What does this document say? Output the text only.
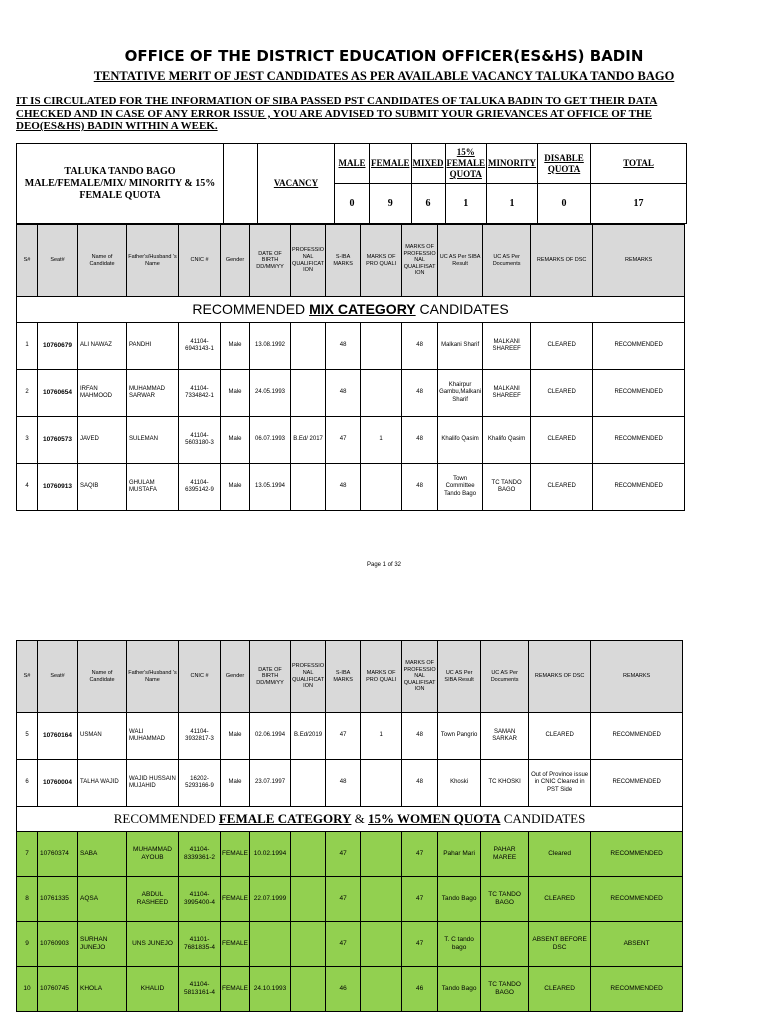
OFFICE OF THE DISTRICT EDUCATION OFFICER(ES&HS) BADIN
TENTATIVE MERIT OF JEST CANDIDATES AS PER AVAILABLE VACANCY TALUKA TANDO BAGO
IT IS CIRCULATED FOR THE INFORMATION OF SIBA PASSED PST CANDIDATES OF TALUKA BADIN TO GET THEIR DATA CHECKED AND IN CASE OF ANY ERROR ISSUE , YOU ARE ADVISED TO SUBMIT YOUR GRIEVANCES AT OFFICE OF THE DEO(ES&HS) BADIN WITHIN A WEEK.
TALUKA TANDO BAGO MALE/FEMALE/MIX/ MINORITY & 15% FEMALE QUOTA		VACANCY	MALE	FEMALE	MIXED	15% FEMALE QUOTA	MINORITY	DISABLE QUOTA	TOTAL
			0	9	6	1	1	0	17
S#	Seat#	Name of Candidate	Father's/Husband 's Name	CNIC #	Gender	DATE OF BIRTH DD/MM/YY	PROFESSIO NAL QUALIFICAT ION	S-IBA MARKS	MARKS OF PRO QUALI	MARKS OF PROFESSIO NAL QUALIFISAT ION	UC AS Per SIBA Result	UC AS Per Documents	REMARKS OF DSC	REMARKS
RECOMMENDED MIX CATEGORY CANDIDATES														
1	10760679	ALI NAWAZ	PANDHI	41104-6943143-1	Male	13.08.1992		48		48	Malkani Sharif	MALKANI SHAREEF	CLEARED	RECOMMENDED
2	10760654	IRFAN MAHMOOD	MUHAMMAD SARWAR	41104-7334842-1	Male	24.05.1993		48		48	Khairpur Gambu,Malkani Sharif	MALKANI SHAREEF	CLEARED	RECOMMENDED
3	10760573	JAVED	SULEMAN	41104-5603180-3	Male	06.07.1993	B.Ed/ 2017	47	1	48	Khalifo Qasim	Khalifo Qasim	CLEARED	RECOMMENDED
4	10760913	SAQIB	GHULAM MUSTAFA	41104-6395142-9	Male	13.05.1994		48		48	Town Committee Tando Bago	TC TANDO BAGO	CLEARED	RECOMMENDED
Page 1 of 32
S#	Seat#	Name of Candidate	Father's/Husband 's Name	CNIC #	Gender	DATE OF BIRTH DD/MM/YY	PROFESSIO NAL QUALIFICAT ION	S-IBA MARKS	MARKS OF PRO QUALI	MARKS OF PROFESSIO NAL QUALIFISAT ION	UC AS Per SIBA Result	UC AS Per Documents	REMARKS OF DSC	REMARKS
5	10760164	USMAN	WALI MUHAMMAD	41104-3932817-3	Male	02.06.1994	B.Ed/2019	47	1	48	Town Pangrio	SAMAN SARKAR	CLEARED	RECOMMENDED
6	10760004	TALHA WAJID	WAJID HUSSAIN MUJAHID	16202-5293166-9	Male	23.07.1997		48		48	Khoski	TC KHOSKI	Out of Province issue in CNIC Cleared in PST Side	RECOMMENDED
RECOMMENDED FEMALE CATEGORY & 15% WOMEN QUOTA CANDIDATES														
7	10760374	SABA	MUHAMMAD AYOUB	41104-8339361-2	FEMALE	10.02.1994		47		47	Pahar Mari	PAHAR MAREE	Cleared	RECOMMENDED
8	10761335	AQSA	ABDUL RASHEED	41104-3995400-4	FEMALE	22.07.1999		47		47	Tando Bago	TC TANDO BAGO	CLEARED	RECOMMENDED
9	10760903	SURHAN JUNEJO	UNS JUNEJO	41101-7681835-4	FEMALE			47		47	T. C tando bago		ABSENT BEFORE DSC	ABSENT
10	10760745	KHOLA	KHALID	41104-5813161-4	FEMALE	24.10.1993		46		46	Tando Bago	TC TANDO BAGO	CLEARED	RECOMMENDED
